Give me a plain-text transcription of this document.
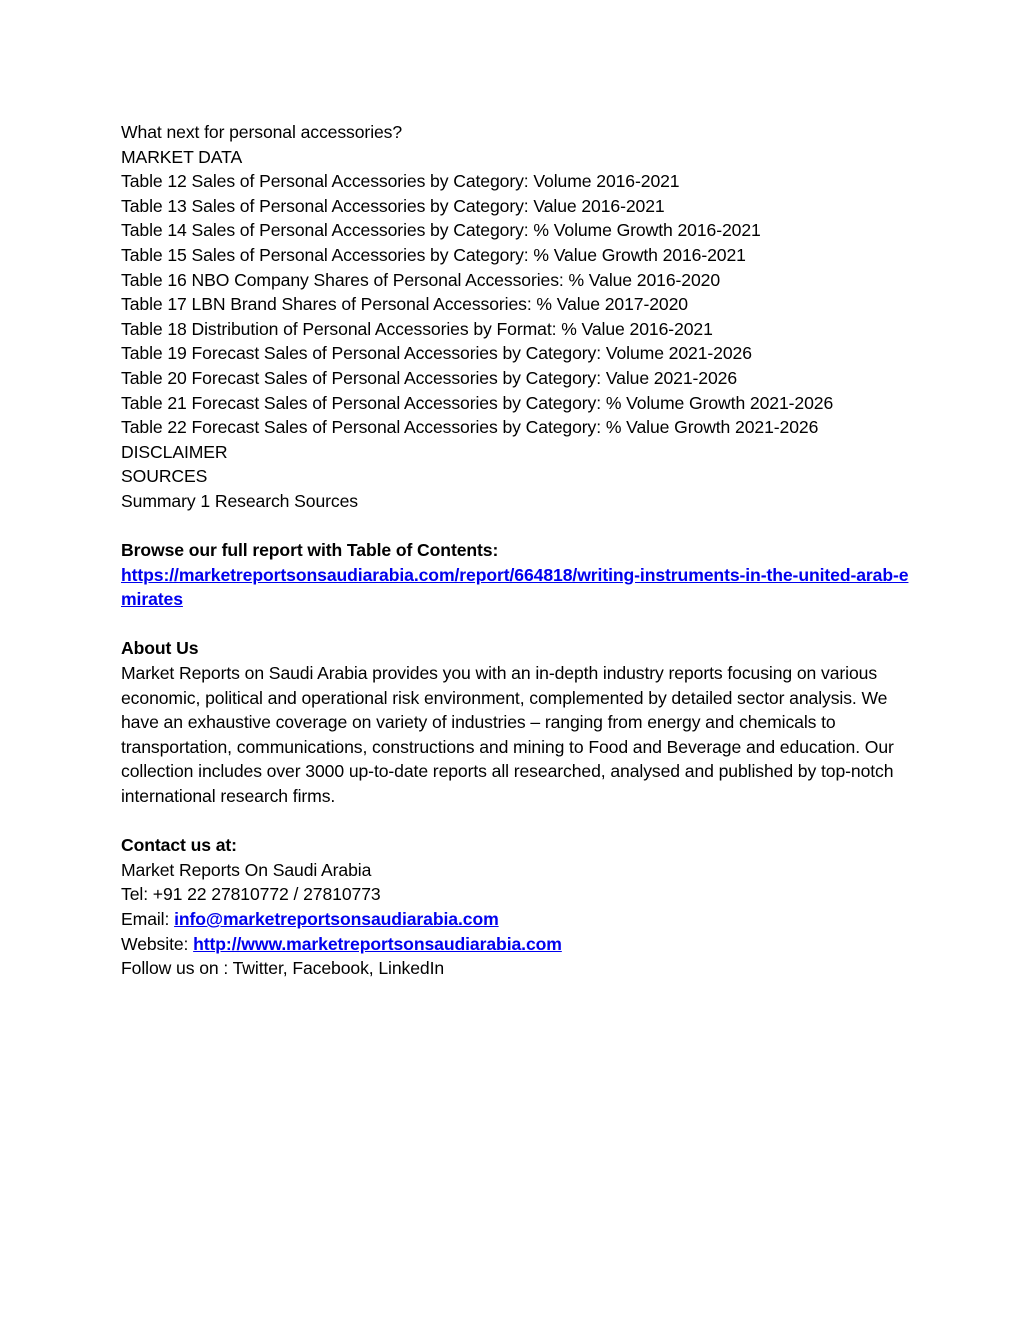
What next for personal accessories?
MARKET DATA
Table 12 Sales of Personal Accessories by Category: Volume 2016-2021
Table 13 Sales of Personal Accessories by Category: Value 2016-2021
Table 14 Sales of Personal Accessories by Category: % Volume Growth 2016-2021
Table 15 Sales of Personal Accessories by Category: % Value Growth 2016-2021
Table 16 NBO Company Shares of Personal Accessories: % Value 2016-2020
Table 17 LBN Brand Shares of Personal Accessories: % Value 2017-2020
Table 18 Distribution of Personal Accessories by Format: % Value 2016-2021
Table 19 Forecast Sales of Personal Accessories by Category: Volume 2021-2026
Table 20 Forecast Sales of Personal Accessories by Category: Value 2021-2026
Table 21 Forecast Sales of Personal Accessories by Category: % Volume Growth 2021-2026
Table 22 Forecast Sales of Personal Accessories by Category: % Value Growth 2021-2026
DISCLAIMER
SOURCES
Summary 1 Research Sources
Browse our full report with Table of Contents:
https://marketreportsonsaudiarabia.com/report/664818/writing-instruments-in-the-united-arab-emirates
About Us
Market Reports on Saudi Arabia provides you with an in-depth industry reports focusing on various economic, political and operational risk environment, complemented by detailed sector analysis. We have an exhaustive coverage on variety of industries – ranging from energy and chemicals to transportation, communications, constructions and mining to Food and Beverage and education. Our collection includes over 3000 up-to-date reports all researched, analysed and published by top-notch international research firms.
Contact us at:
Market Reports On Saudi Arabia
Tel: +91 22 27810772 / 27810773
Email: info@marketreportsonsaudiarabia.com
Website: http://www.marketreportsonsaudiarabia.com
Follow us on : Twitter, Facebook, LinkedIn
